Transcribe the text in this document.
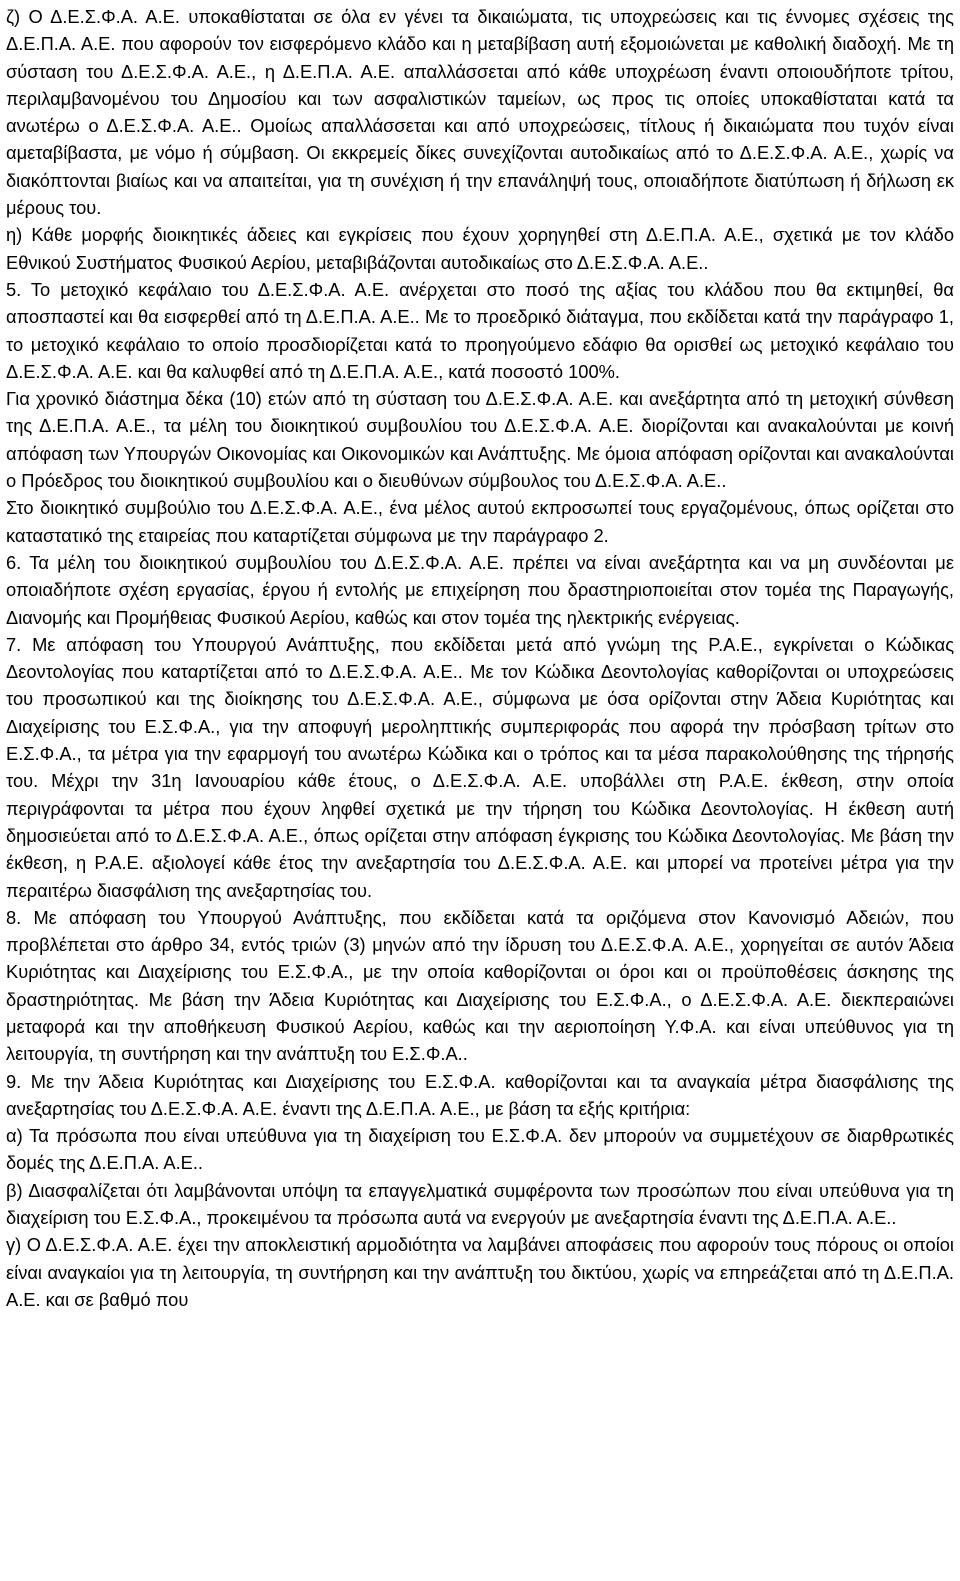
ζ) Ο Δ.Ε.Σ.Φ.Α. Α.Ε. υποκαθίσταται σε όλα εν γένει τα δικαιώματα, τις υποχρεώσεις και τις έννομες σχέσεις της Δ.Ε.Π.Α. Α.Ε. που αφορούν τον εισφερόμενο κλάδο και η μεταβίβαση αυτή εξομοιώνεται με καθολική διαδοχή. Με τη σύσταση του Δ.Ε.Σ.Φ.Α. Α.Ε., η Δ.Ε.Π.Α. Α.Ε. απαλλάσσεται από κάθε υποχρέωση έναντι οποιουδήποτε τρίτου, περιλαμβανομένου του Δημοσίου και των ασφαλιστικών ταμείων, ως προς τις οποίες υποκαθίσταται κατά τα ανωτέρω ο Δ.Ε.Σ.Φ.Α. Α.Ε.. Ομοίως απαλλάσσεται και από υποχρεώσεις, τίτλους ή δικαιώματα που τυχόν είναι αμεταβίβαστα, με νόμο ή σύμβαση. Οι εκκρεμείς δίκες συνεχίζονται αυτοδικαίως από το Δ.Ε.Σ.Φ.Α. Α.Ε., χωρίς να διακόπτονται βιαίως και να απαιτείται, για τη συνέχιση ή την επανάληψή τους, οποιαδήποτε διατύπωση ή δήλωση εκ μέρους του.

η) Κάθε μορφής διοικητικές άδειες και εγκρίσεις που έχουν χορηγηθεί στη Δ.Ε.Π.Α. Α.Ε., σχετικά με τον κλάδο Εθνικού Συστήματος Φυσικού Αερίου, μεταβιβάζονται αυτοδικαίως στο Δ.Ε.Σ.Φ.Α. Α.Ε..

5. Το μετοχικό κεφάλαιο του Δ.Ε.Σ.Φ.Α. Α.Ε. ανέρχεται στο ποσό της αξίας του κλάδου που θα εκτιμηθεί, θα αποσπαστεί και θα εισφερθεί από τη Δ.Ε.Π.Α. Α.Ε.. Με το προεδρικό διάταγμα, που εκδίδεται κατά την παράγραφο 1, το μετοχικό κεφάλαιο το οποίο προσδιορίζεται κατά το προηγούμενο εδάφιο θα ορισθεί ως μετοχικό κεφάλαιο του Δ.Ε.Σ.Φ.Α. Α.Ε. και θα καλυφθεί από τη Δ.Ε.Π.Α. Α.Ε., κατά ποσοστό 100%.

Για χρονικό διάστημα δέκα (10) ετών από τη σύσταση του Δ.Ε.Σ.Φ.Α. Α.Ε. και ανεξάρτητα από τη μετοχική σύνθεση της Δ.Ε.Π.Α. Α.Ε., τα μέλη του διοικητικού συμβουλίου του Δ.Ε.Σ.Φ.Α. Α.Ε. διορίζονται και ανακαλούνται με κοινή απόφαση των Υπουργών Οικονομίας και Οικονομικών και Ανάπτυξης. Με όμοια απόφαση ορίζονται και ανακαλούνται ο Πρόεδρος του διοικητικού συμβουλίου και ο διευθύνων σύμβουλος του Δ.Ε.Σ.Φ.Α. Α.Ε..

Στο διοικητικό συμβούλιο του Δ.Ε.Σ.Φ.Α. Α.Ε., ένα μέλος αυτού εκπροσωπεί τους εργαζομένους, όπως ορίζεται στο καταστατικό της εταιρείας που καταρτίζεται σύμφωνα με την παράγραφο 2.

6. Τα μέλη του διοικητικού συμβουλίου του Δ.Ε.Σ.Φ.Α. Α.Ε. πρέπει να είναι ανεξάρτητα και να μη συνδέονται με οποιαδήποτε σχέση εργασίας, έργου ή εντολής με επιχείρηση που δραστηριοποιείται στον τομέα της Παραγωγής, Διανομής και Προμήθειας Φυσικού Αερίου, καθώς και στον τομέα της ηλεκτρικής ενέργειας.

7. Με απόφαση του Υπουργού Ανάπτυξης, που εκδίδεται μετά από γνώμη της Ρ.Α.Ε., εγκρίνεται ο Κώδικας Δεοντολογίας που καταρτίζεται από το Δ.Ε.Σ.Φ.Α. Α.Ε.. Με τον Κώδικα Δεοντολογίας καθορίζονται οι υποχρεώσεις του προσωπικού και της διοίκησης του Δ.Ε.Σ.Φ.Α. Α.Ε., σύμφωνα με όσα ορίζονται στην Άδεια Κυριότητας και Διαχείρισης του Ε.Σ.Φ.Α., για την αποφυγή μεροληπτικής συμπεριφοράς που αφορά την πρόσβαση τρίτων στο Ε.Σ.Φ.Α., τα μέτρα για την εφαρμογή του ανωτέρω Κώδικα και ο τρόπος και τα μέσα παρακολούθησης της τήρησής του. Μέχρι την 31η Ιανουαρίου κάθε έτους, ο Δ.Ε.Σ.Φ.Α. Α.Ε. υποβάλλει στη Ρ.Α.Ε. έκθεση, στην οποία περιγράφονται τα μέτρα που έχουν ληφθεί σχετικά με την τήρηση του Κώδικα Δεοντολογίας. Η έκθεση αυτή δημοσιεύεται από το Δ.Ε.Σ.Φ.Α. Α.Ε., όπως ορίζεται στην απόφαση έγκρισης του Κώδικα Δεοντολογίας. Με βάση την έκθεση, η Ρ.Α.Ε. αξιολογεί κάθε έτος την ανεξαρτησία του Δ.Ε.Σ.Φ.Α. Α.Ε. και μπορεί να προτείνει μέτρα για την περαιτέρω διασφάλιση της ανεξαρτησίας του.

8. Με απόφαση του Υπουργού Ανάπτυξης, που εκδίδεται κατά τα οριζόμενα στον Κανονισμό Αδειών, που προβλέπεται στο άρθρο 34, εντός τριών (3) μηνών από την ίδρυση του Δ.Ε.Σ.Φ.Α. Α.Ε., χορηγείται σε αυτόν Άδεια Κυριότητας και Διαχείρισης του Ε.Σ.Φ.Α., με την οποία καθορίζονται οι όροι και οι προϋποθέσεις άσκησης της δραστηριότητας. Με βάση την Άδεια Κυριότητας και Διαχείρισης του Ε.Σ.Φ.Α., ο Δ.Ε.Σ.Φ.Α. Α.Ε. διεκπεραιώνει μεταφορά και την αποθήκευση Φυσικού Αερίου, καθώς και την αεριοποίηση Υ.Φ.Α. και είναι υπεύθυνος για τη λειτουργία, τη συντήρηση και την ανάπτυξη του Ε.Σ.Φ.Α..

9. Με την Άδεια Κυριότητας και Διαχείρισης του Ε.Σ.Φ.Α. καθορίζονται και τα αναγκαία μέτρα διασφάλισης της ανεξαρτησίας του Δ.Ε.Σ.Φ.Α. Α.Ε. έναντι της Δ.Ε.Π.Α. Α.Ε., με βάση τα εξής κριτήρια:

α) Τα πρόσωπα που είναι υπεύθυνα για τη διαχείριση του Ε.Σ.Φ.Α. δεν μπορούν να συμμετέχουν σε διαρθρωτικές δομές της Δ.Ε.Π.Α. Α.Ε..

β) Διασφαλίζεται ότι λαμβάνονται υπόψη τα επαγγελματικά συμφέροντα των προσώπων που είναι υπεύθυνα για τη διαχείριση του Ε.Σ.Φ.Α., προκειμένου τα πρόσωπα αυτά να ενεργούν με ανεξαρτησία έναντι της Δ.Ε.Π.Α. Α.Ε..

γ) Ο Δ.Ε.Σ.Φ.Α. Α.Ε. έχει την αποκλειστική αρμοδιότητα να λαμβάνει αποφάσεις που αφορούν τους πόρους οι οποίοι είναι αναγκαίοι για τη λειτουργία, τη συντήρηση και την ανάπτυξη του δικτύου, χωρίς να επηρεάζεται από τη Δ.Ε.Π.Α. Α.Ε. και σε βαθμό που
